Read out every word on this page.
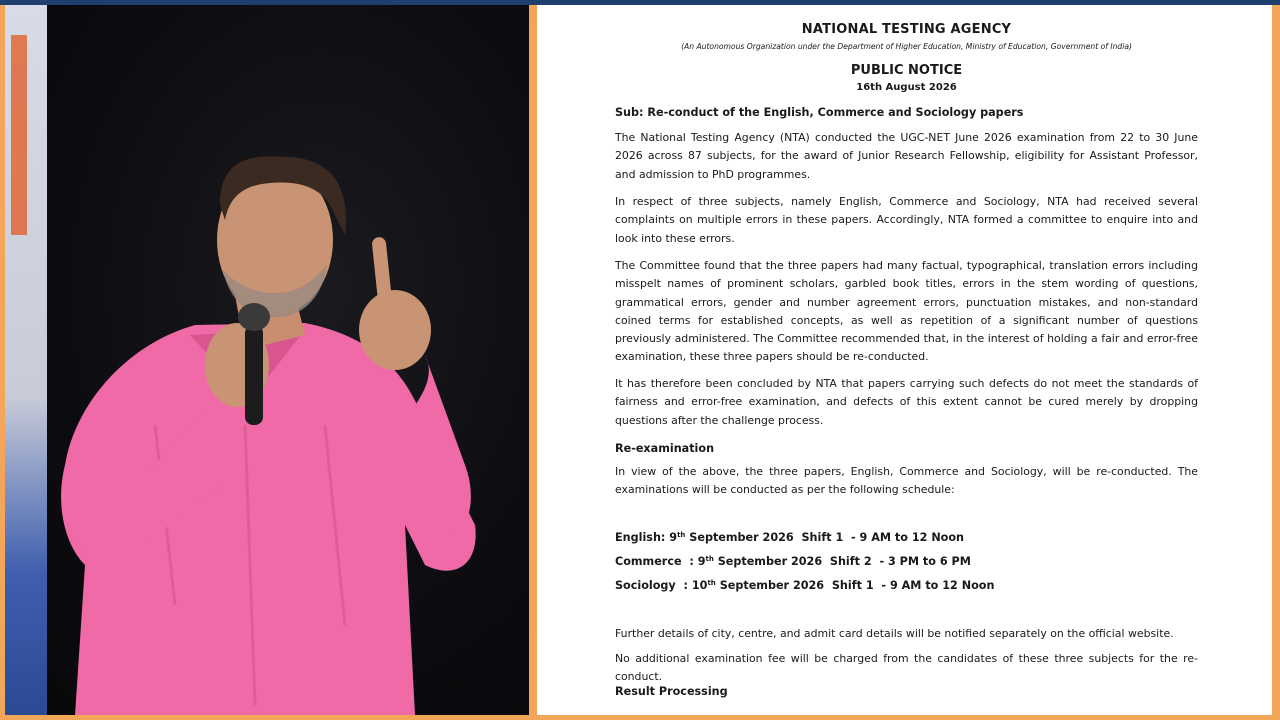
NATIONAL TESTING AGENCY
(An Autonomous Organization under the Department of Higher Education, Ministry of Education, Government of India)
PUBLIC NOTICE
16th August 2026
Sub: Re-conduct of the English, Commerce and Sociology papers
The National Testing Agency (NTA) conducted the UGC-NET June 2026 examination from 22 to 30 June 2026 across 87 subjects, for the award of Junior Research Fellowship, eligibility for Assistant Professor, and admission to PhD programmes.
In respect of three subjects, namely English, Commerce and Sociology, NTA had received several complaints on multiple errors in these papers. Accordingly, NTA formed a committee to enquire into and look into these errors.
The Committee found that the three papers had many factual, typographical, translation errors including misspelt names of prominent scholars, garbled book titles, errors in the stem wording of questions, grammatical errors, gender and number agreement errors, punctuation mistakes, and non-standard coined terms for established concepts, as well as repetition of a significant number of questions previously administered. The Committee recommended that, in the interest of holding a fair and error-free examination, these three papers should be re-conducted.
It has therefore been concluded by NTA that papers carrying such defects do not meet the standards of fairness and error-free examination, and defects of this extent cannot be cured merely by dropping questions after the challenge process.
Re-examination
In view of the above, the three papers, English, Commerce and Sociology, will be re-conducted. The examinations will be conducted as per the following schedule:
English: 9th September 2026  Shift 1  - 9 AM to 12 Noon
Commerce  : 9th September 2026  Shift 2  - 3 PM to 6 PM
Sociology  : 10th September 2026  Shift 1  - 9 AM to 12 Noon
Further details of city, centre, and admit card details will be notified separately on the official website.
No additional examination fee will be charged from the candidates of these three subjects for the re-conduct.
Result Processing
